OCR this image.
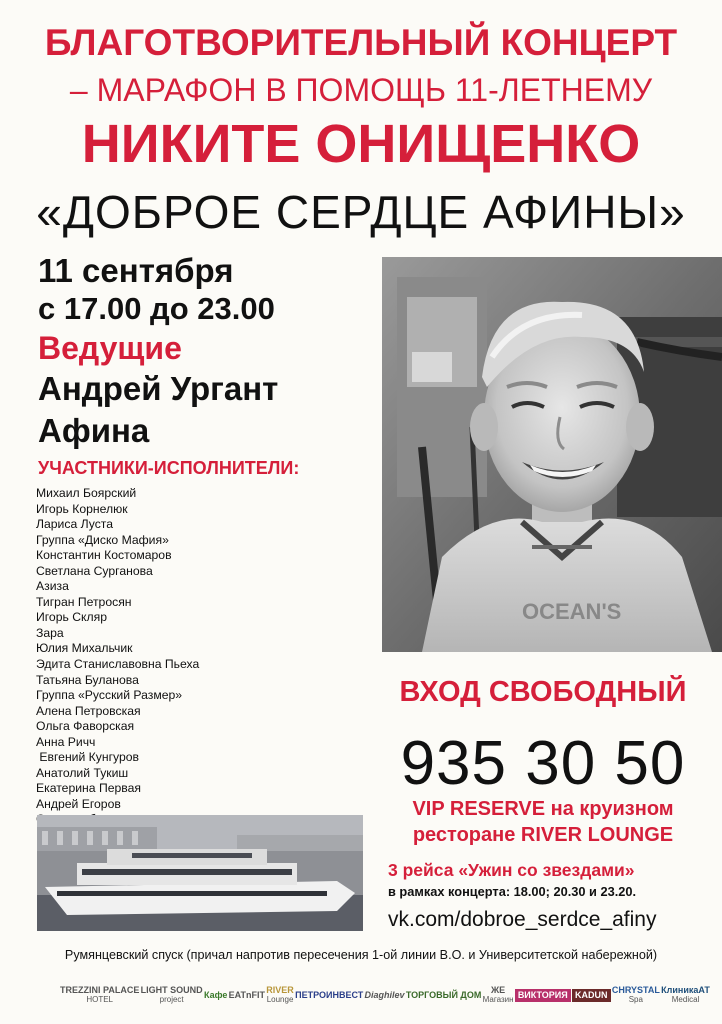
БЛАГОТВОРИТЕЛЬНЫЙ КОНЦЕРТ
– МАРАФОН В ПОМОЩЬ 11-ЛЕТНЕМУ
НИКИТЕ ОНИЩЕНКО
«ДОБРОЕ СЕРДЦЕ АФИНЫ»
11 сентября
с 17.00 до 23.00
Ведущие
Андрей Ургант
Афина
УЧАСТНИКИ-ИСПОЛНИТЕЛИ:
Михаил Боярский
Игорь Корнелюк
Лариса Луста
Группа «Диско Мафия»
Константин Костомаров
Светлана Сурганова
Азиза
Тигран Петросян
Игорь Скляр
Зара
Юлия Михальчик
Эдита Станиславовна Пьеха
Татьяна Буланова
Группа «Русский Размер»
Алена Петровская
Ольга Фаворская
Анна Ричч
Евгений Кунгуров
Анатолий Тукиш
Екатерина Первая
Андрей Егоров
OCEAN'S
ВХОД СВОБОДНЫЙ
935 30 50
VIP RESERVE на круизном
ресторане RIVER LOUNGE
3 рейса «Ужин со звездами»
в рамках концерта: 18.00; 20.30 и 23.20.
vk.com/dobroe_serdce_afiny
Румянцевский спуск (причал напротив пересечения 1-ой линии В.О. и Университетской набережной)
TREZZINI PALACE
HOTEL
LIGHT SOUND
project	Кафе EATnFIT RIVER
Lounge ПЕТРОИНВЕСТ Diaghilev ТОРГОВЫЙ ДОМ	ЖЕ
Магазин ВИКТОРИЯ KADUN CHRYSTAL
Spa
КлиникаАТ
Medical
